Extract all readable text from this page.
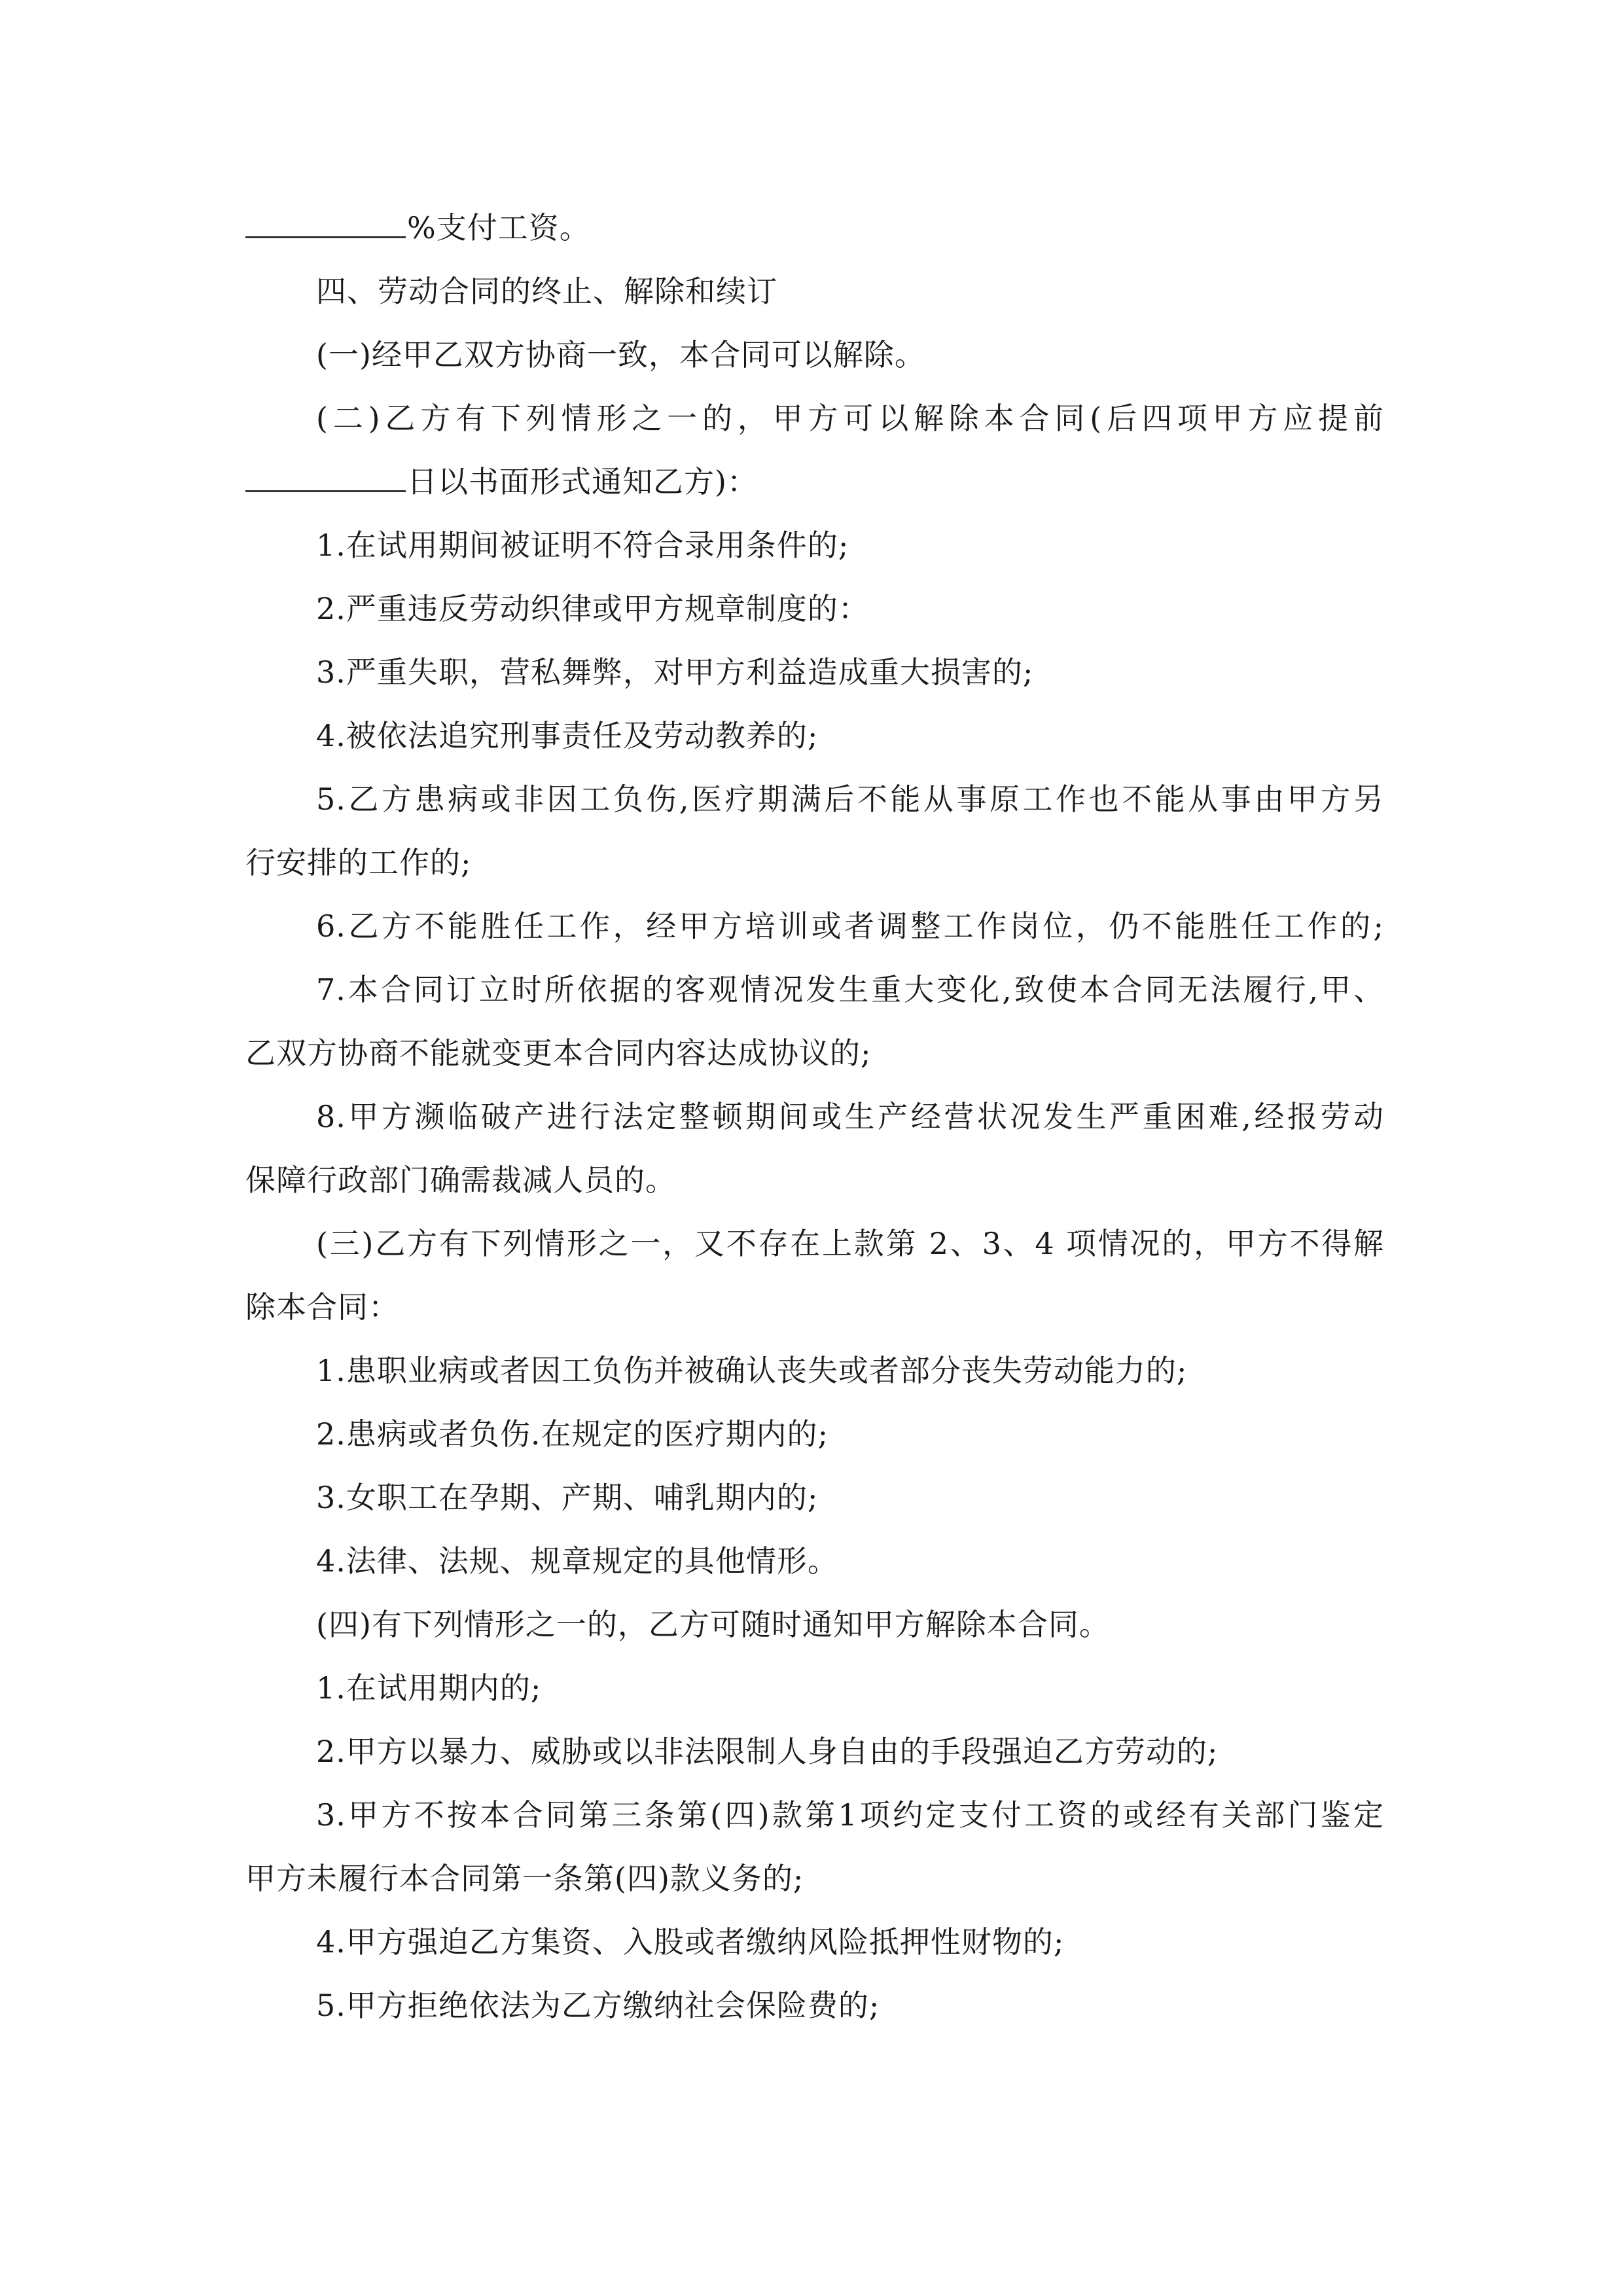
%支付工资。
四、劳动合同的终止、解除和续订
(一)经甲乙双方协商一致，本合同可以解除。
(二)乙方有下列情形之一的，甲方可以解除本合同(后四项甲方应提前
日以书面形式通知乙方)：
1.在试用期间被证明不符合录用条件的;
2.严重违反劳动织律或甲方规章制度的：
3.严重失职，营私舞弊，对甲方利益造成重大损害的;
4.被依法追究刑事责任及劳动教养的;
5.乙方患病或非因工负伤,医疗期满后不能从事原工作也不能从事由甲方另
行安排的工作的;
6.乙方不能胜任工作，经甲方培训或者调整工作岗位，仍不能胜任工作的;
7.本合同订立时所依据的客观情况发生重大变化,致使本合同无法履行,甲、
乙双方协商不能就变更本合同内容达成协议的;
8.甲方濒临破产进行法定整顿期间或生产经营状况发生严重困难,经报劳动
保障行政部门确需裁减人员的。
(三)乙方有下列情形之一，又不存在上款第 2、3、4 项情况的，甲方不得解
除本合同：
1.患职业病或者因工负伤并被确认丧失或者部分丧失劳动能力的;
2.患病或者负伤.在规定的医疗期内的;
3.女职工在孕期、产期、哺乳期内的;
4.法律、法规、规章规定的具他情形。
(四)有下列情形之一的，乙方可随时通知甲方解除本合同。
1.在试用期内的;
2.甲方以暴力、威胁或以非法限制人身自由的手段强迫乙方劳动的;
3.甲方不按本合同第三条第(四)款第1项约定支付工资的或经有关部门鉴定
甲方未履行本合同第一条第(四)款义务的;
4.甲方强迫乙方集资、入股或者缴纳风险抵押性财物的;
5.甲方拒绝依法为乙方缴纳社会保险费的;
